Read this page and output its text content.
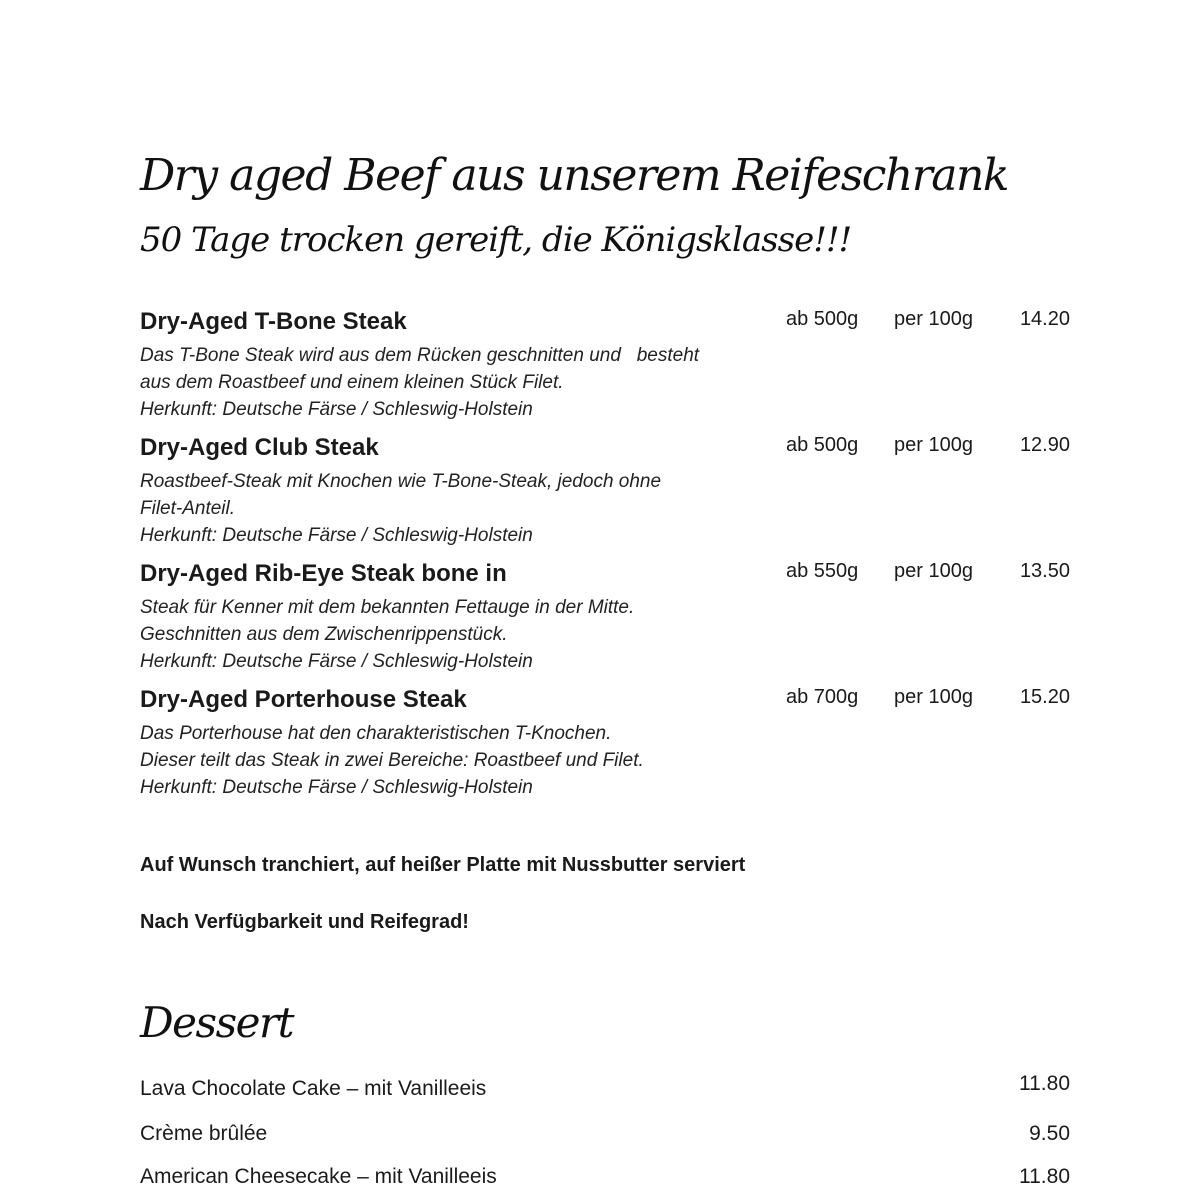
Dry aged Beef aus unserem Reifeschrank
50 Tage trocken gereift, die Königsklasse!!!
Dry-Aged T-Bone Steak
Das T-Bone Steak wird aus dem Rücken geschnitten und   besteht
aus dem Roastbeef und einem kleinen Stück Filet.
Herkunft: Deutsche Färse / Schleswig-Holstein
ab 500g per 100g 14.20
Dry-Aged Club Steak
Roastbeef-Steak mit Knochen wie T-Bone-Steak, jedoch ohne
Filet-Anteil.
Herkunft: Deutsche Färse / Schleswig-Holstein
ab 500g per 100g 12.90
Dry-Aged Rib-Eye Steak bone in
Steak für Kenner mit dem bekannten Fettauge in der Mitte.
Geschnitten aus dem Zwischenrippenstück.
Herkunft: Deutsche Färse / Schleswig-Holstein
ab 550g per 100g 13.50
Dry-Aged Porterhouse Steak
Das Porterhouse hat den charakteristischen T-Knochen.
Dieser teilt das Steak in zwei Bereiche: Roastbeef und Filet.
Herkunft: Deutsche Färse / Schleswig-Holstein
ab 700g per 100g 15.20
Auf Wunsch tranchiert, auf heißer Platte mit Nussbutter serviert
Nach Verfügbarkeit und Reifegrad!
Dessert
Lava Chocolate Cake – mit Vanilleeis	11.80
Crème brûlée	9.50
American Cheesecake – mit Vanilleeis	11.80
